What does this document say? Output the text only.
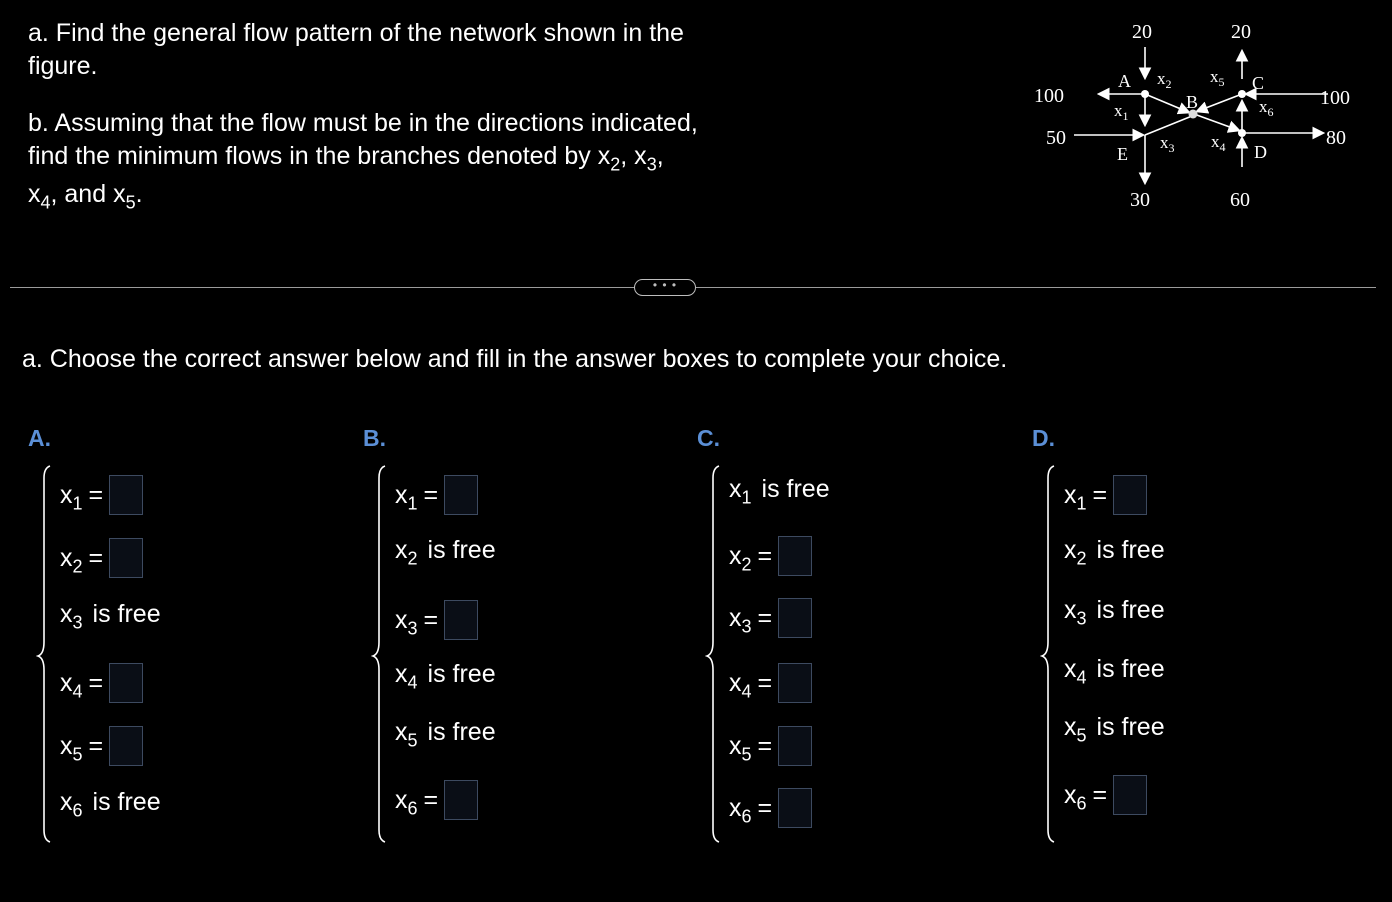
a. Find the general flow pattern of the network shown in the
figure.
b. Assuming that the flow must be in the directions indicated,
find the minimum flows in the branches denoted by $x_2$, $x_3$,
$x_4$, and $x_5$.
20	20
100
50
100
80
30	60
A
B
C
D
E
$x_1$
$x_2$
$x_3$ $x_4$
$x_5$
$x_6$
• • •
a. Choose the correct answer below and fill in the answer boxes to complete your choice.
A.
$x_1$ =
$x_2$ =
$x_3$ is free
$x_4$ =
$x_5$ =
$x_6$ is free
B.
$x_1$ =
$x_2$ is free
$x_3$ =
$x_4$ is free
$x_5$ is free
$x_6$ =
C.
$x_1$ is free
$x_2$ =
$x_3$ =
$x_4$ =
$x_5$ =
$x_6$ =
D.
$x_1$ =
$x_2$ is free
$x_3$ is free
$x_4$ is free
$x_5$ is free
$x_6$ =
